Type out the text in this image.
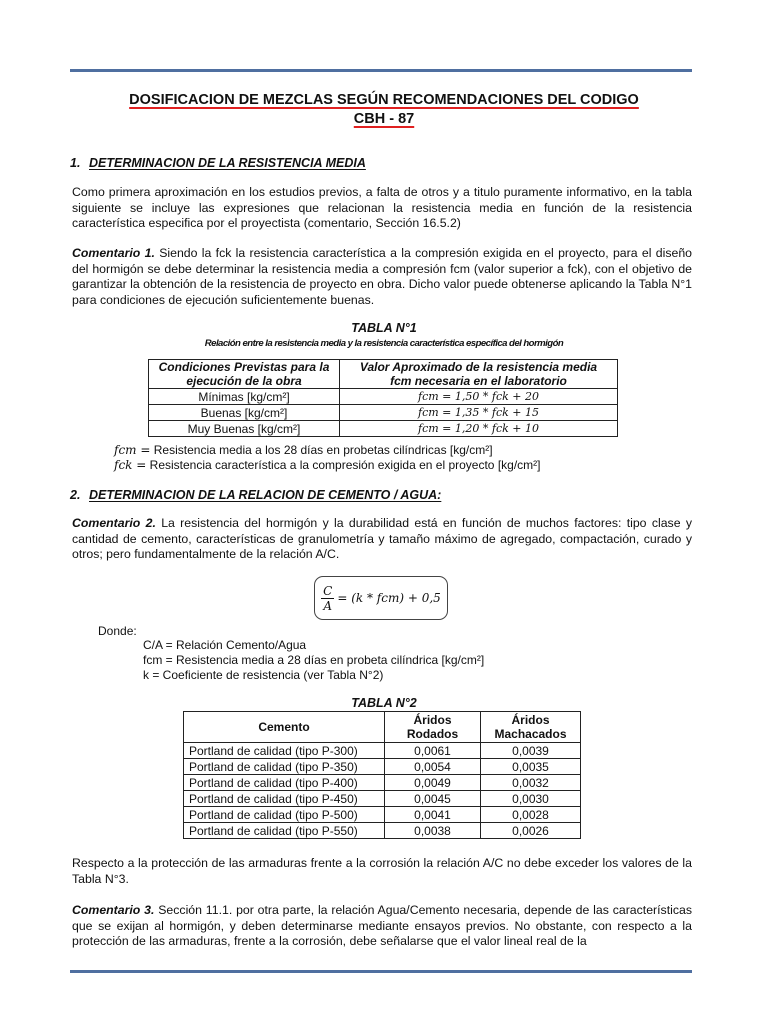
DOSIFICACION DE MEZCLAS SEGÚN RECOMENDACIONES DEL CODIGO
CBH - 87
1. DETERMINACION DE LA RESISTENCIA MEDIA
Como primera aproximación en los estudios previos, a falta de otros y a titulo puramente informativo, en la tabla siguiente se incluye las expresiones que relacionan la resistencia media en función de la resistencia característica especifica por el proyectista (comentario, Sección 16.5.2)
Comentario 1. Siendo la fck la resistencia característica a la compresión exigida en el proyecto, para el diseño del hormigón se debe determinar la resistencia media a compresión fcm (valor superior a fck), con el objetivo de garantizar la obtención de la resistencia de proyecto en obra. Dicho valor puede obtenerse aplicando la Tabla N°1 para condiciones de ejecución suficientemente buenas.
TABLA N°1
Relación entre la resistencia media y la resistencia característica específica del hormigón
Condiciones Previstas para la
ejecución de la obra	Valor Aproximado de la resistencia media
fcm necesaria en el laboratorio
Mínimas [kg/cm²]	fcm = 1,50 * fck + 20
Buenas [kg/cm²]	fcm = 1,35 * fck + 15
Muy Buenas [kg/cm²]	fcm = 1,20 * fck + 10
fcm = Resistencia media a los 28 días en probetas cilíndricas [kg/cm²]
fck = Resistencia característica a la compresión exigida en el proyecto [kg/cm²]
2. DETERMINACION DE LA RELACION DE CEMENTO / AGUA:
Comentario 2. La resistencia del hormigón y la durabilidad está en función de muchos factores: tipo clase y cantidad de cemento, características de granulometría y tamaño máximo de agregado, compactación, curado y otros; pero fundamentalmente de la relación A/C.
$\frac{C}{A} = (k * fcm) + 0,5$
Donde:
C/A = Relación Cemento/Agua
fcm = Resistencia media a 28 días en probeta cilíndrica [kg/cm²]
k = Coeficiente de resistencia (ver Tabla N°2)
TABLA N°2
Cemento	Áridos Rodados	Áridos Machacados
Portland de calidad (tipo P-300)	0,0061	0,0039
Portland de calidad (tipo P-350)	0,0054	0,0035
Portland de calidad (tipo P-400)	0,0049	0,0032
Portland de calidad (tipo P-450)	0,0045	0,0030
Portland de calidad (tipo P-500)	0,0041	0,0028
Portland de calidad (tipo P-550)	0,0038	0,0026
Respecto a la protección de las armaduras frente a la corrosión la relación A/C no debe exceder los valores de la Tabla N°3.
Comentario 3. Sección 11.1. por otra parte, la relación Agua/Cemento necesaria, depende de las características que se exijan al hormigón, y deben determinarse mediante ensayos previos. No obstante, con respecto a la protección de las armaduras, frente a la corrosión, debe señalarse que el valor lineal real de la
